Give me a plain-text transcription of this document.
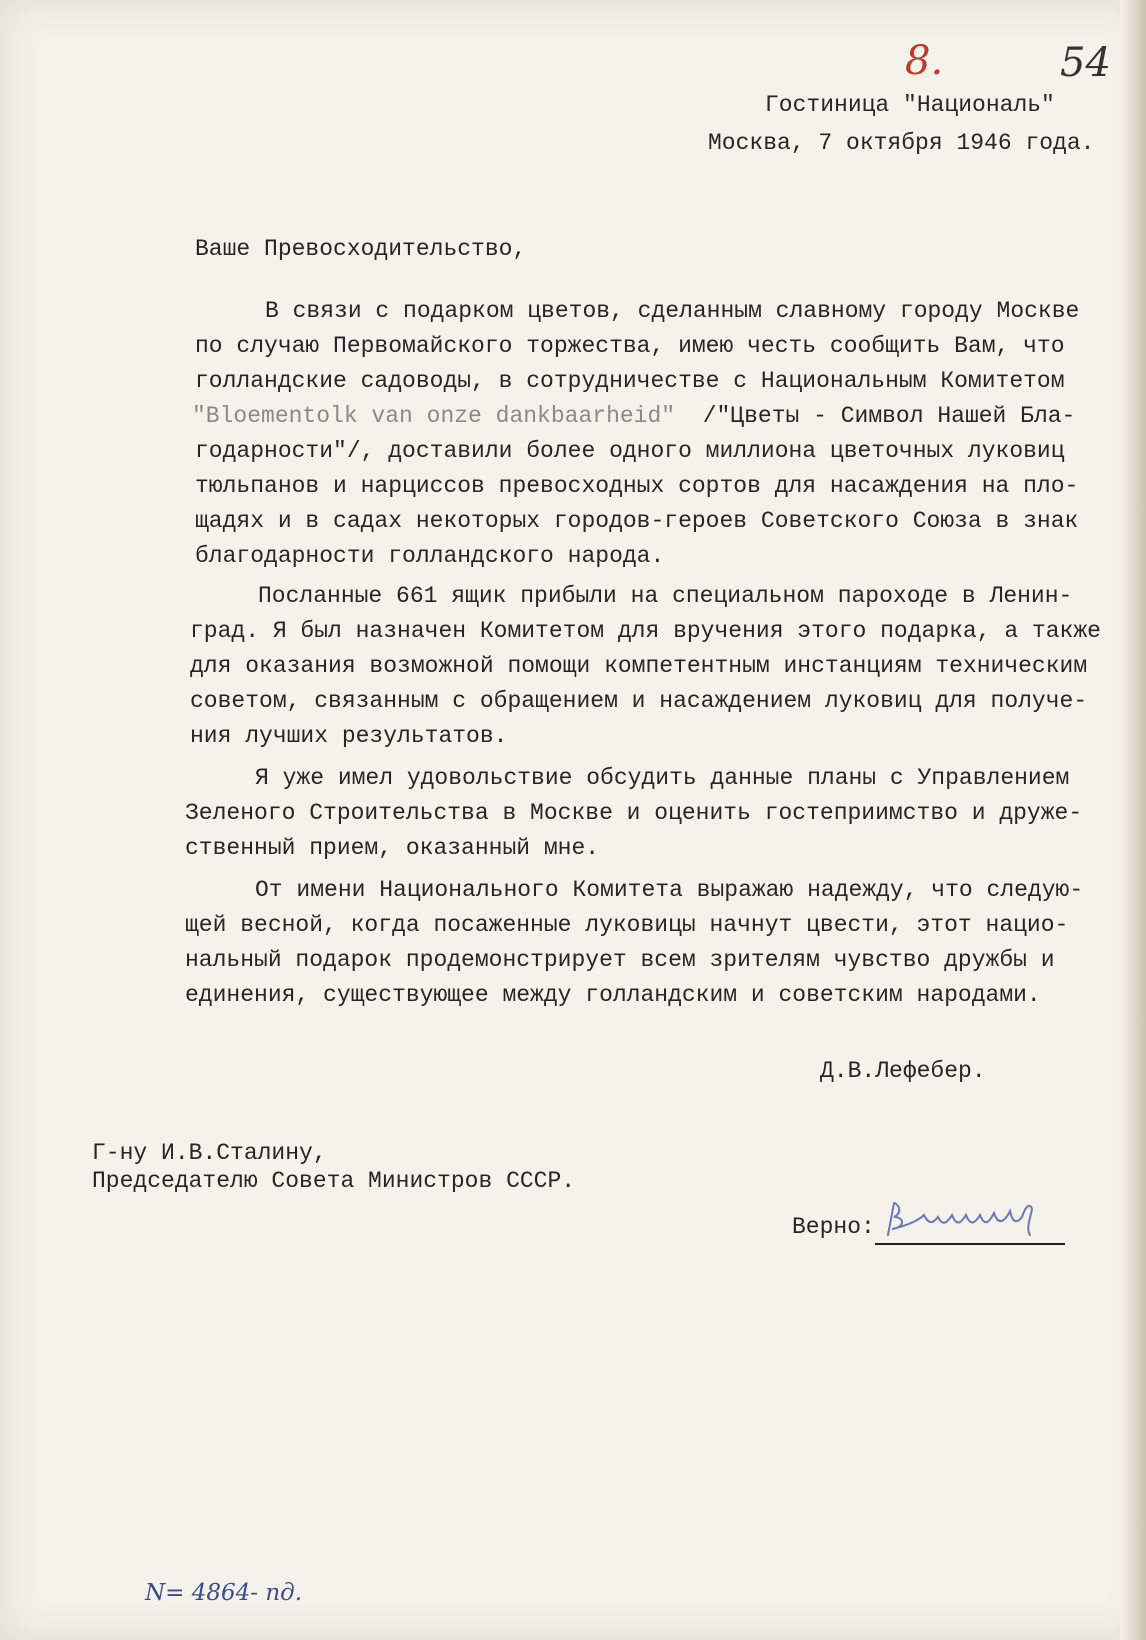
8.	54
Гостиница "Националь"
Москва, 7 октября 1946 года.
Ваше Превосходительство,
В связи с подарком цветов, сделанным славному городу Москве
по случаю Первомайского торжества, имею честь сообщить Вам, что
голландские садоводы, в сотрудничестве с Национальным Комитетом
"Bloementolk van onze dankbaarheid"  /"Цветы - Символ Нашей Бла-
годарности"/, доставили более одного миллиона цветочных луковиц
тюльпанов и нарциссов превосходных сортов для насаждения на пло-
щадях и в садах некоторых городов-героев Советского Союза в знак
благодарности голландского народа.
Посланные 661 ящик прибыли на специальном пароходе в Ленин-
град. Я был назначен Комитетом для вручения этого подарка, а также
для оказания возможной помощи компетентным инстанциям техническим
советом, связанным с обращением и насаждением луковиц для получе-
ния лучших результатов.
Я уже имел удовольствие обсудить данные планы с Управлением
Зеленого Строительства в Москве и оценить гостеприимство и друже-
ственный прием, оказанный мне.
От имени Национального Комитета выражаю надежду, что следую-
щей весной, когда посаженные луковицы начнут цвести, этот нацио-
нальный подарок продемонстрирует всем зрителям чувство дружбы и
единения, существующее между голландским и советским народами.
Д.В.Лефебер.
Г-ну И.В.Сталину,
Председателю Совета Министров СССР.
Верно:
N= 4864- пд.
